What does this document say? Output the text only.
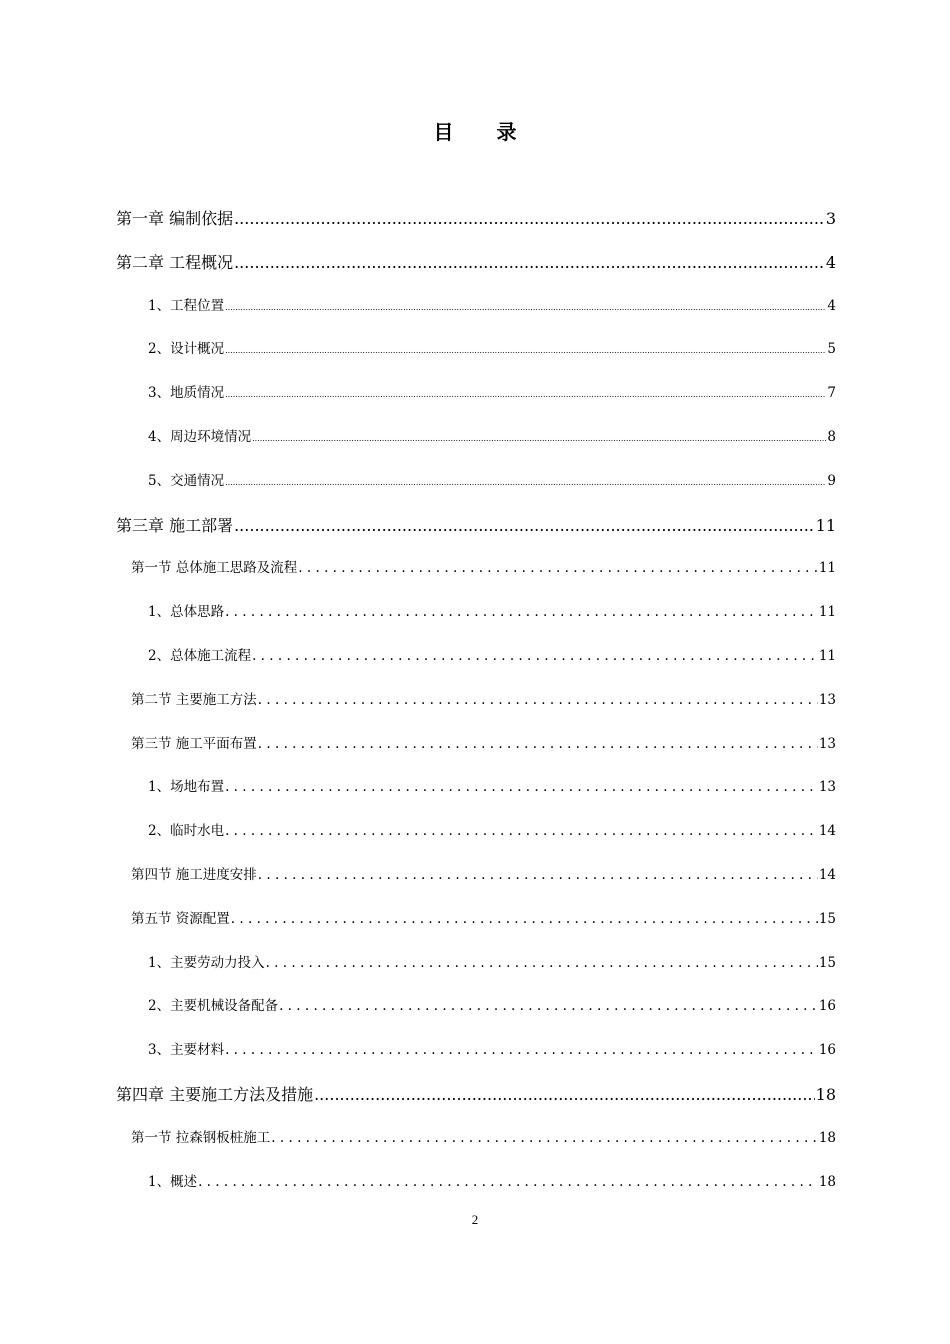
目 录
第一章 编制依据 .....	3
第二章 工程概况 .....	4
1、工程位置 .....	4
2、设计概况 .....	5
3、地质情况 .....	7
4、周边环境情况 .....	8
5、交通情况 .....	9
第三章 施工部署 .....	11
第一节 总体施工思路及流程 .....	11
1、总体思路 .....	11
2、总体施工流程 .....	11
第二节 主要施工方法 .....	13
第三节 施工平面布置 .....	13
1、场地布置 .....	13
2、临时水电 .....	14
第四节 施工进度安排 .....	14
第五节 资源配置 .....	15
1、主要劳动力投入 .....	15
2、主要机械设备配备 .....	16
3、主要材料 .....	16
第四章 主要施工方法及措施 .....	18
第一节 拉森钢板桩施工 .....	18
1、概述 .....	18
2
